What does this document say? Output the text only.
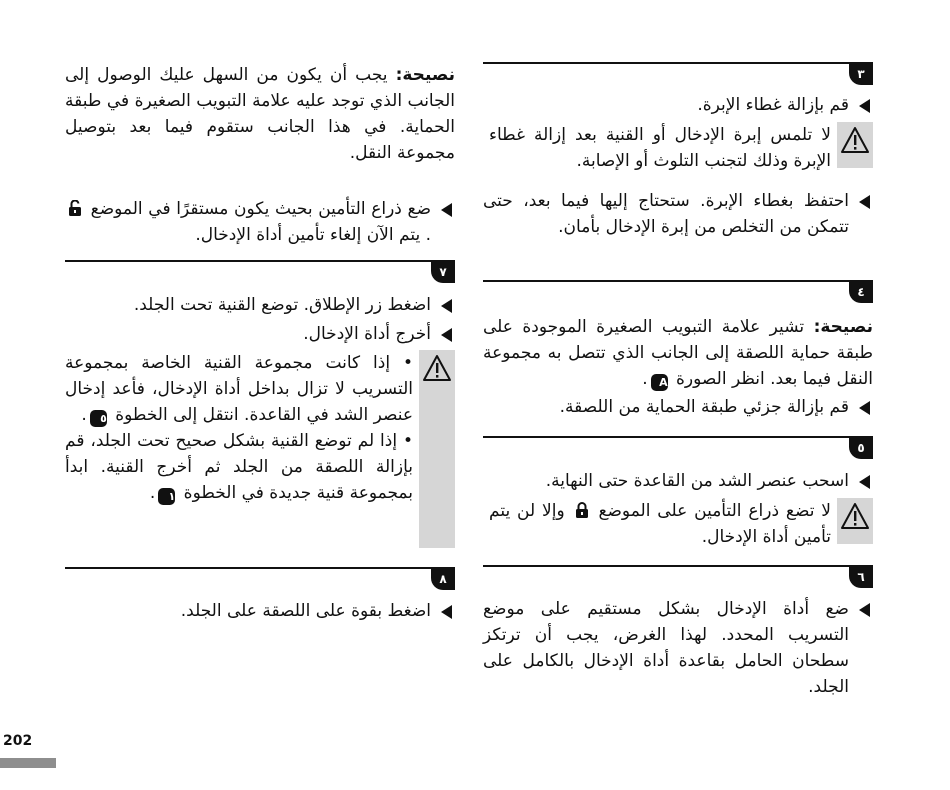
٣

قم بإزالة غطاء الإبرة.

لا تلمس إبرة الإدخال أو القنية بعد إزالة غطاء الإبرة وذلك لتجنب التلوث أو الإصابة.

احتفظ بغطاء الإبرة. ستحتاج إليها فيما بعد، حتى تتمكن من التخلص من إبرة الإدخال بأمان.

٤

نصيحة: تشير علامة التبويب الصغيرة الموجودة على طبقة حماية اللصقة إلى الجانب الذي تتصل به مجموعة النقل فيما بعد. انظر الصورة A.

قم بإزالة جزئي طبقة الحماية من اللصقة.

٥

اسحب عنصر الشد من القاعدة حتى النهاية.

لا تضع ذراع التأمين على الموضع  وإلا لن يتم تأمين أداة الإدخال.
٦

ضع أداة الإدخال بشكل مستقيم على موضع التسريب المحدد. لهذا الغرض، يجب أن ترتكز سطحان الحامل بقاعدة أداة الإدخال بالكامل على الجلد.

نصيحة: يجب أن يكون من السهل عليك الوصول إلى الجانب الذي توجد عليه علامة التبويب الصغيرة في طبقة الحماية. في هذا الجانب ستقوم فيما بعد بتوصيل مجموعة النقل.

ضع ذراع التأمين بحيث يكون مستقرًا في الموضع . يتم الآن إلغاء تأمين أداة الإدخال.

٧

اضغط زر الإطلاق. توضع القنية تحت الجلد.

أخرج أداة الإدخال.

• إذا كانت مجموعة القنية الخاصة بمجموعة التسريب لا تزال بداخل أداة الإدخال، فأعد إدخال عنصر الشد في القاعدة. انتقل إلى الخطوة ٥.
• إذا لم توضع القنية بشكل صحيح تحت الجلد، قم بإزالة اللصقة من الجلد ثم أخرج القنية. ابدأ بمجموعة قنية جديدة في الخطوة ١.
٨

اضغط بقوة على اللصقة على الجلد.

202
